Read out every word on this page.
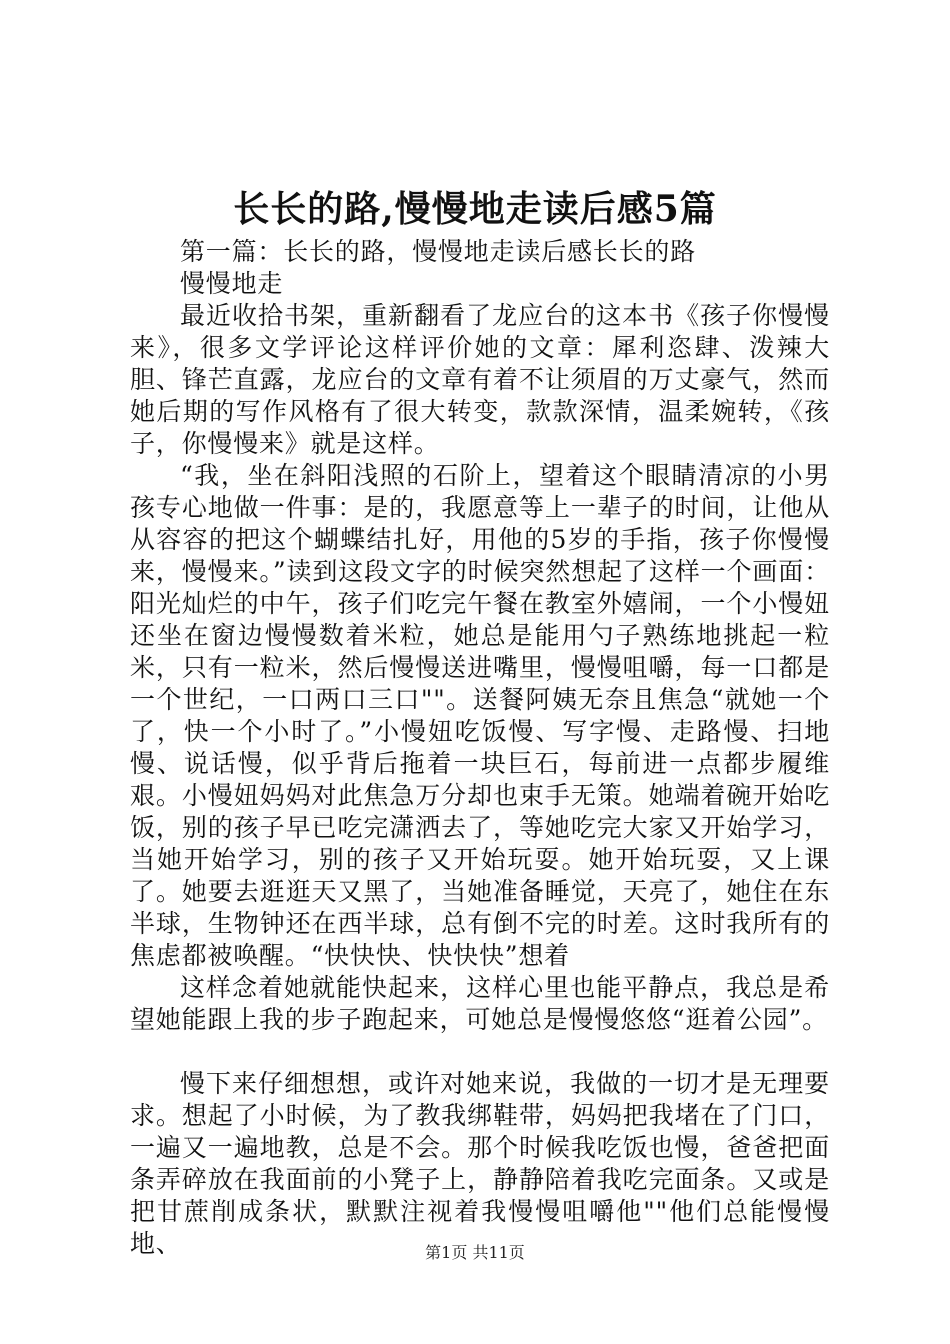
长长的路,慢慢地走读后感5篇

第一篇：长长的路，慢慢地走读后感长长的路

慢慢地走

最近收拾书架，重新翻看了龙应台的这本书《孩子你慢慢来》，很多文学评论这样评价她的文章：犀利恣肆、泼辣大胆、锋芒直露，龙应台的文章有着不让须眉的万丈豪气，然而她后期的写作风格有了很大转变，款款深情，温柔婉转，《孩子，你慢慢来》就是这样。

“我，坐在斜阳浅照的石阶上，望着这个眼睛清凉的小男孩专心地做一件事：是的，我愿意等上一辈子的时间，让他从从容容的把这个蝴蝶结扎好，用他的5岁的手指，孩子你慢慢来，慢慢来。”读到这段文字的时候突然想起了这样一个画面：阳光灿烂的中午，孩子们吃完午餐在教室外嬉闹，一个小慢妞还坐在窗边慢慢数着米粒，她总是能用勺子熟练地挑起一粒米，只有一粒米，然后慢慢送进嘴里，慢慢咀嚼，每一口都是一个世纪，一口两口三口""。送餐阿姨无奈且焦急“就她一个了，快一个小时了。”小慢妞吃饭慢、写字慢、走路慢、扫地慢、说话慢，似乎背后拖着一块巨石，每前进一点都步履维艰。小慢妞妈妈对此焦急万分却也束手无策。她端着碗开始吃饭，别的孩子早已吃完潇洒去了，等她吃完大家又开始学习，当她开始学习，别的孩子又开始玩耍。她开始玩耍，又上课了。她要去逛逛天又黑了，当她准备睡觉，天亮了，她住在东半球，生物钟还在西半球，总有倒不完的时差。这时我所有的焦虑都被唤醒。“快快快、快快快”想着

这样念着她就能快起来，这样心里也能平静点，我总是希望她能跟上我的步子跑起来，可她总是慢慢悠悠“逛着公园”。

慢下来仔细想想，或许对她来说，我做的一切才是无理要求。想起了小时候，为了教我绑鞋带，妈妈把我堵在了门口，一遍又一遍地教，总是不会。那个时候我吃饭也慢，爸爸把面条弄碎放在我面前的小凳子上，静静陪着我吃完面条。又或是把甘蔗削成条状，默默注视着我慢慢咀嚼他""他们总能慢慢地、	第1页 共11页
